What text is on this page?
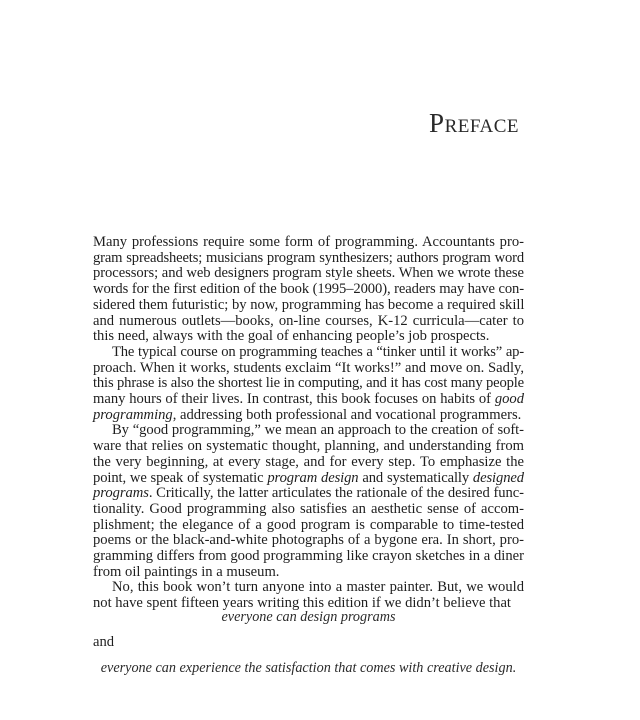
Preface

Many professions require some form of programming. Accountants pro-
gram spreadsheets; musicians program synthesizers; authors program word
processors; and web designers program style sheets. When we wrote these
words for the first edition of the book (1995–2000), readers may have con-
sidered them futuristic; by now, programming has become a required skill
and numerous outlets—books, on-line courses, K-12 curricula—cater to
this need, always with the goal of enhancing people’s job prospects.

The typical course on programming teaches a “tinker until it works” ap-
proach. When it works, students exclaim “It works!” and move on. Sadly,
this phrase is also the shortest lie in computing, and it has cost many people
many hours of their lives. In contrast, this book focuses on habits of good
programming, addressing both professional and vocational programmers.

By “good programming,” we mean an approach to the creation of soft-
ware that relies on systematic thought, planning, and understanding from
the very beginning, at every stage, and for every step. To emphasize the
point, we speak of systematic program design and systematically designed
programs. Critically, the latter articulates the rationale of the desired func-
tionality. Good programming also satisfies an aesthetic sense of accom-
plishment; the elegance of a good program is comparable to time-tested
poems or the black-and-white photographs of a bygone era. In short, pro-
gramming differs from good programming like crayon sketches in a diner
from oil paintings in a museum.

No, this book won’t turn anyone into a master painter. But, we would
not have spent fifteen years writing this edition if we didn’t believe that

everyone can design programs
and
everyone can experience the satisfaction that comes with creative design.
